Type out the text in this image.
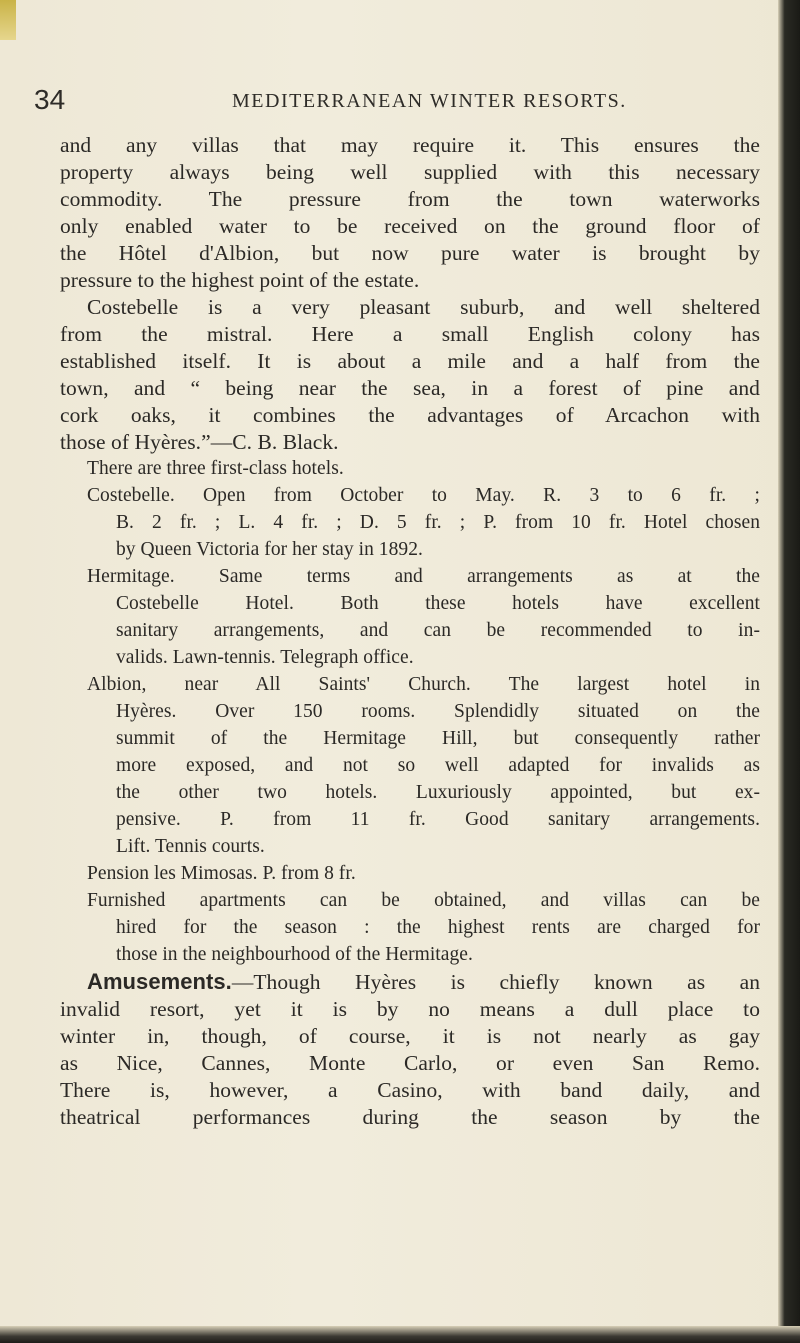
34	MEDITERRANEAN WINTER RESORTS.
and any villas that may require it. This ensures the
property always being well supplied with this necessary
commodity. The pressure from the town waterworks
only enabled water to be received on the ground floor of
the Hôtel d'Albion, but now pure water is brought by
pressure to the highest point of the estate.
Costebelle is a very pleasant suburb, and well sheltered
from the mistral. Here a small English colony has
established itself. It is about a mile and a half from the
town, and “ being near the sea, in a forest of pine and
cork oaks, it combines the advantages of Arcachon with
those of Hyères.”—C. B. Black.
There are three first-class hotels.
Costebelle. Open from October to May. R. 3 to 6 fr. ;
B. 2 fr. ; L. 4 fr. ; D. 5 fr. ; P. from 10 fr. Hotel chosen
by Queen Victoria for her stay in 1892.
Hermitage. Same terms and arrangements as at the
Costebelle Hotel. Both these hotels have excellent
sanitary arrangements, and can be recommended to in-
valids. Lawn-tennis. Telegraph office.
Albion, near All Saints' Church. The largest hotel in
Hyères. Over 150 rooms. Splendidly situated on the
summit of the Hermitage Hill, but consequently rather
more exposed, and not so well adapted for invalids as
the other two hotels. Luxuriously appointed, but ex-
pensive. P. from 11 fr. Good sanitary arrangements.
Lift. Tennis courts.
Pension les Mimosas. P. from 8 fr.
Furnished apartments can be obtained, and villas can be
hired for the season : the highest rents are charged for
those in the neighbourhood of the Hermitage.
Amusements.—Though Hyères is chiefly known as an
invalid resort, yet it is by no means a dull place to
winter in, though, of course, it is not nearly as gay
as Nice, Cannes, Monte Carlo, or even San Remo.
There is, however, a Casino, with band daily, and
theatrical performances during the season by the
